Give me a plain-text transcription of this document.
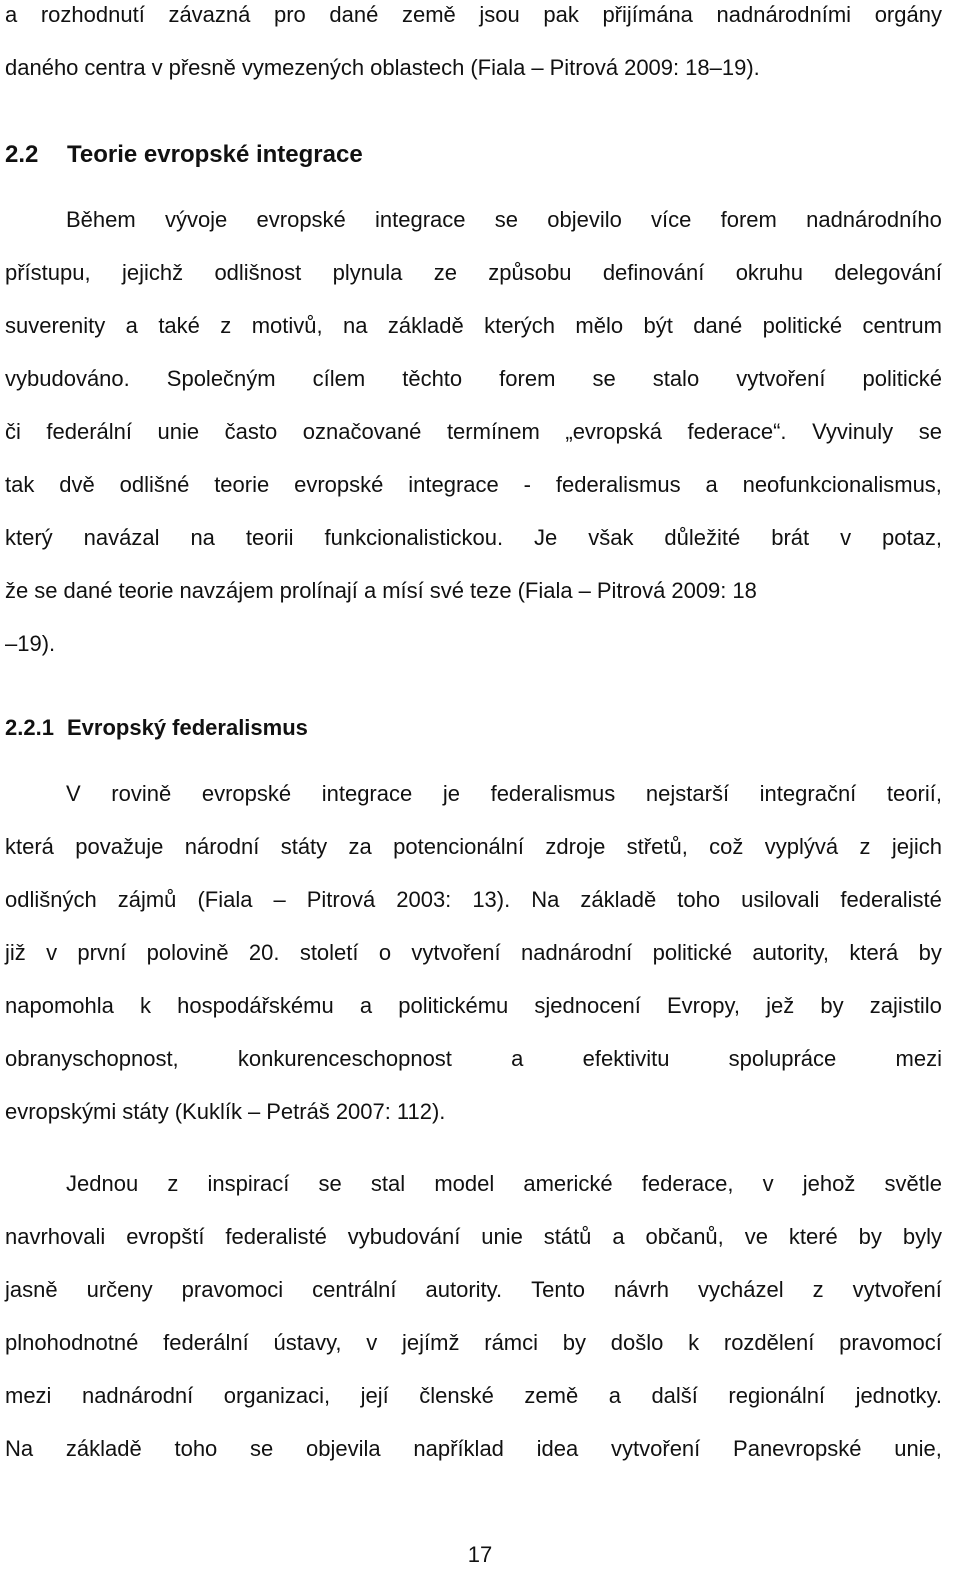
a rozhodnutí závazná pro dané země jsou pak přijímána nadnárodními orgány
daného centra v přesně vymezených oblastech (Fiala – Pitrová 2009: 18–19).
2.2	Teorie evropské integrace
Během vývoje evropské integrace se objevilo více forem nadnárodního
přístupu, jejichž odlišnost plynula ze způsobu definování okruhu delegování
suverenity a také z motivů, na základě kterých mělo být dané politické centrum
vybudováno. Společným cílem těchto forem se stalo vytvoření politické
či federální unie často označované termínem „evropská federace“. Vyvinuly se
tak dvě odlišné teorie evropské integrace - federalismus a neofunkcionalismus,
který navázal na teorii funkcionalistickou. Je však důležité brát v potaz,
že se dané teorie navzájem prolínají a mísí své teze (Fiala – Pitrová 2009: 18
–19).
2.2.1 Evropský federalismus
V rovině evropské integrace je federalismus nejstarší integrační teorií,
která považuje národní státy za potencionální zdroje střetů, což vyplývá z jejich
odlišných zájmů (Fiala – Pitrová 2003: 13). Na základě toho usilovali federalisté
již v první polovině 20. století o vytvoření nadnárodní politické autority, která by
napomohla k hospodářskému a politickému sjednocení Evropy, jež by zajistilo
obranyschopnost,	konkurenceschopnost	a	efektivitu	spolupráce	mezi
evropskými státy (Kuklík – Petráš 2007: 112).
Jednou z inspirací se stal model americké federace, v jehož světle
navrhovali evropští federalisté vybudování unie států a občanů, ve které by byly
jasně určeny pravomoci centrální autority. Tento návrh vycházel z vytvoření
plnohodnotné federální ústavy, v jejímž rámci by došlo k rozdělení pravomocí
mezi nadnárodní organizaci, její členské země a další regionální jednotky.
Na základě toho se objevila například idea vytvoření Panevropské unie,
17
